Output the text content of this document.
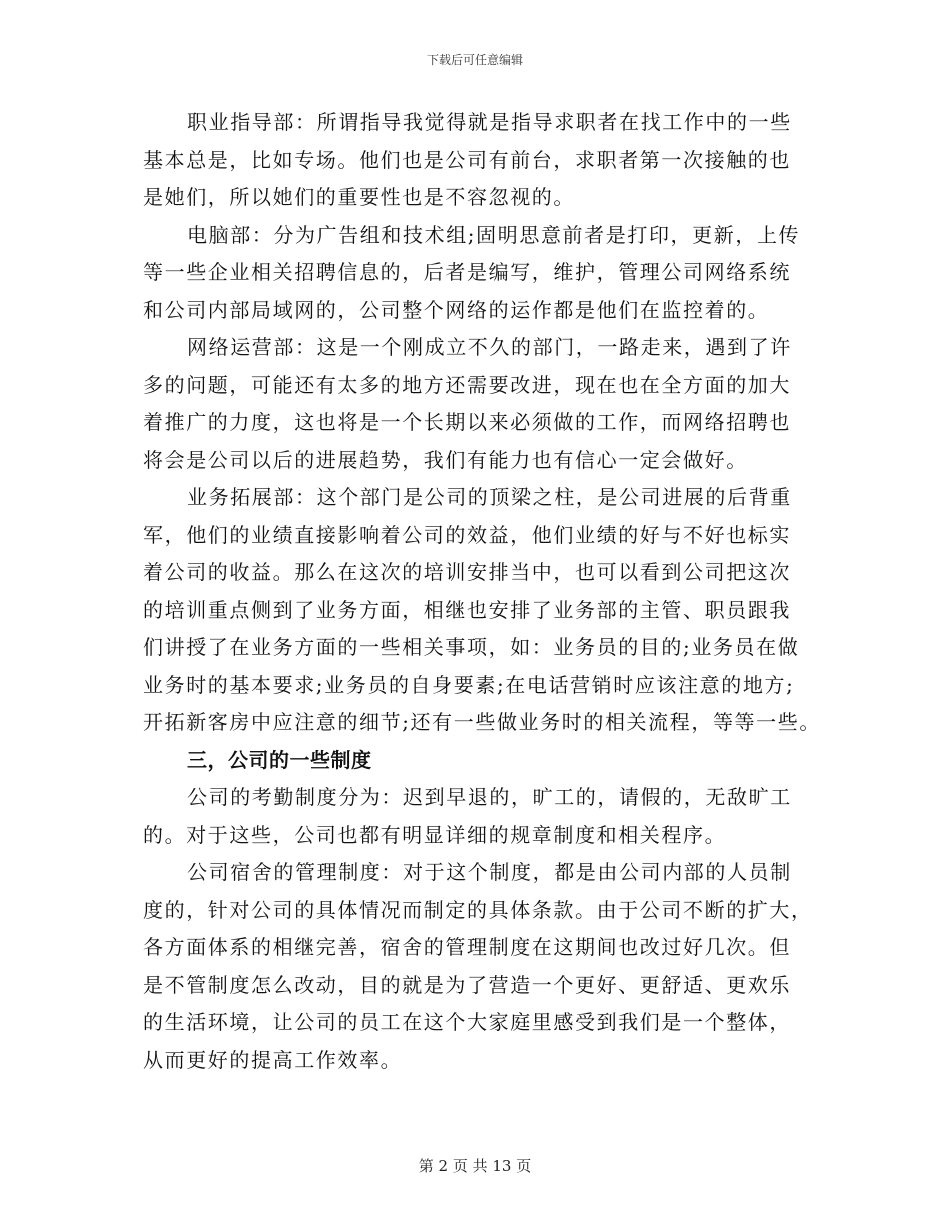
下载后可任意编辑
职业指导部：所谓指导我觉得就是指导求职者在找工作中的一些
基本总是，比如专场。他们也是公司有前台，求职者第一次接触的也
是她们，所以她们的重要性也是不容忽视的。
电脑部：分为广告组和技术组;固明思意前者是打印，更新，上传
等一些企业相关招聘信息的，后者是编写，维护，管理公司网络系统
和公司内部局域网的，公司整个网络的运作都是他们在监控着的。
网络运营部：这是一个刚成立不久的部门，一路走来，遇到了许
多的问题，可能还有太多的地方还需要改进，现在也在全方面的加大
着推广的力度，这也将是一个长期以来必须做的工作，而网络招聘也
将会是公司以后的进展趋势，我们有能力也有信心一定会做好。
业务拓展部：这个部门是公司的顶梁之柱，是公司进展的后背重
军，他们的业绩直接影响着公司的效益，他们业绩的好与不好也标实
着公司的收益。那么在这次的培训安排当中，也可以看到公司把这次
的培训重点侧到了业务方面，相继也安排了业务部的主管、职员跟我
们讲授了在业务方面的一些相关事项，如：业务员的目的;业务员在做
业务时的基本要求;业务员的自身要素;在电话营销时应该注意的地方;
开拓新客房中应注意的细节;还有一些做业务时的相关流程，等等一些。
三，公司的一些制度
公司的考勤制度分为：迟到早退的，旷工的，请假的，无敌旷工
的。对于这些，公司也都有明显详细的规章制度和相关程序。
公司宿舍的管理制度：对于这个制度，都是由公司内部的人员制
度的，针对公司的具体情况而制定的具体条款。由于公司不断的扩大，
各方面体系的相继完善，宿舍的管理制度在这期间也改过好几次。但
是不管制度怎么改动，目的就是为了营造一个更好、更舒适、更欢乐
的生活环境，让公司的员工在这个大家庭里感受到我们是一个整体，
从而更好的提高工作效率。
第 2 页 共 13 页
